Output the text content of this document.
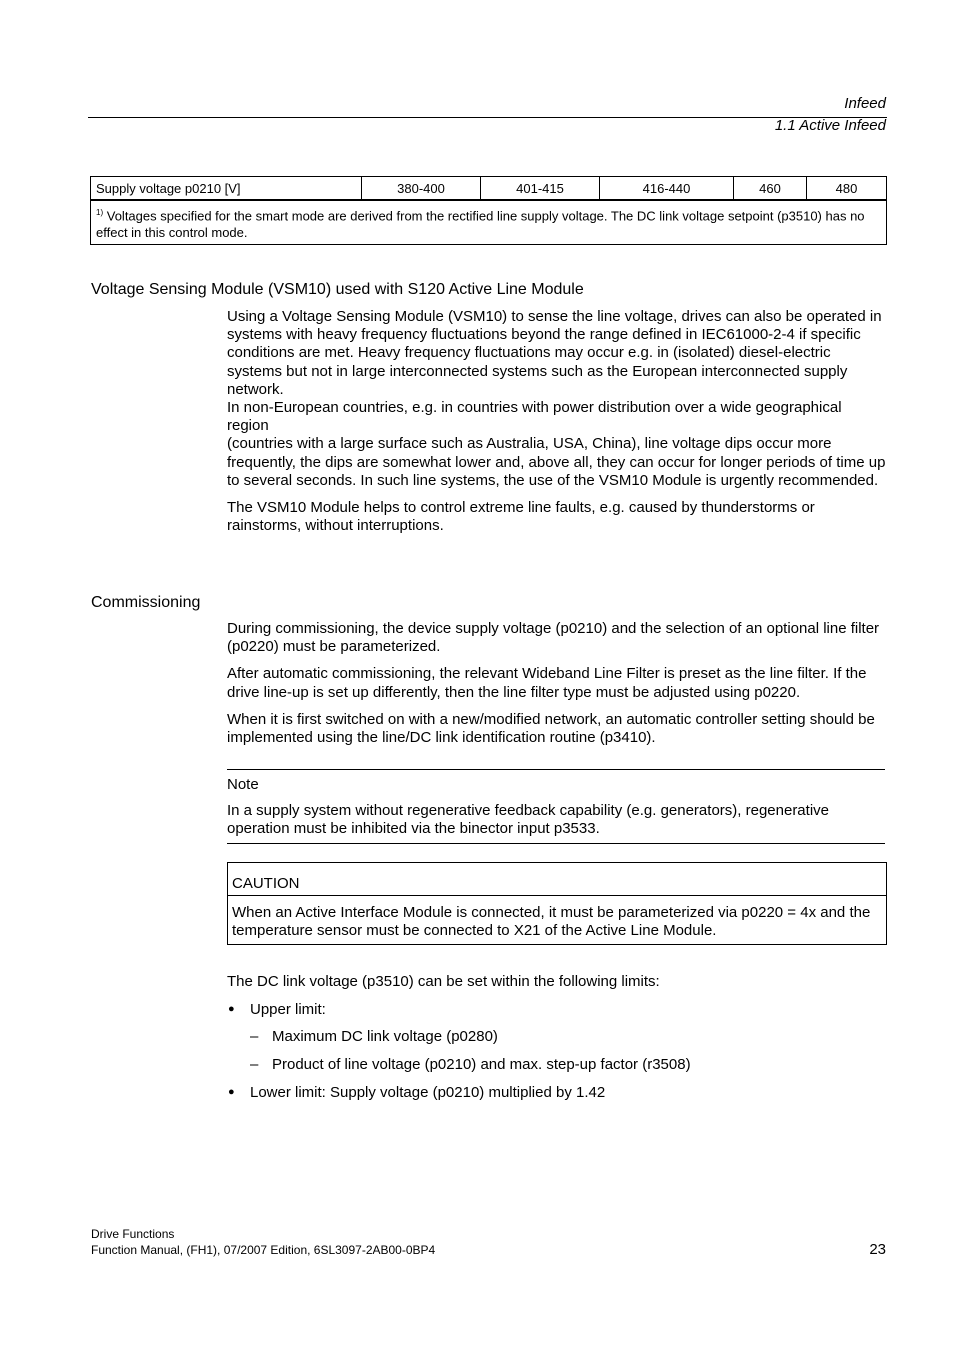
Infeed
1.1 Active Infeed
Supply voltage p0210 [V]	380-400	401-415	416-440	460	480
$^{1)}$ Voltages specified for the smart mode are derived from the rectified line supply voltage. The DC link voltage setpoint (p3510) has no effect in this control mode.
Voltage Sensing Module (VSM10) used with S120 Active Line Module

Using a Voltage Sensing Module (VSM10) to sense the line voltage, drives can also be operated in systems with heavy frequency fluctuations beyond the range defined in IEC61000-2-4 if specific conditions are met. Heavy frequency fluctuations may occur e.g. in (isolated) diesel-electric systems but not in large interconnected systems such as the European interconnected supply network.

In non-European countries, e.g. in countries with power distribution over a wide geographical region

(countries with a large surface such as Australia, USA, China), line voltage dips occur more frequently, the dips are somewhat lower and, above all, they can occur for longer periods of time up to several seconds. In such line systems, the use of the VSM10 Module is urgently recommended.

The VSM10 Module helps to control extreme line faults, e.g. caused by thunderstorms or rainstorms, without interruptions.

Commissioning

During commissioning, the device supply voltage (p0210) and the selection of an optional line filter (p0220) must be parameterized.

After automatic commissioning, the relevant Wideband Line Filter is preset as the line filter. If the drive line-up is set up differently, then the line filter type must be adjusted using p0220.

When it is first switched on with a new/modified network, an automatic controller setting should be implemented using the line/DC link identification routine (p3410).

Note

In a supply system without regenerative feedback capability (e.g. generators), regenerative operation must be inhibited via the binector input p3533.

CAUTION
When an Active Interface Module is connected, it must be parameterized via p0220 = 4x and the temperature sensor must be connected to X21 of the Active Line Module.
The DC link voltage (p3510) can be set within the following limits:
● Upper limit:
– Maximum DC link voltage (p0280)
– Product of line voltage (p0210) and max. step-up factor (r3508)
● Lower limit: Supply voltage (p0210) multiplied by 1.42
Drive Functions
Function Manual, (FH1), 07/2007 Edition, 6SL3097-2AB00-0BP4	23
